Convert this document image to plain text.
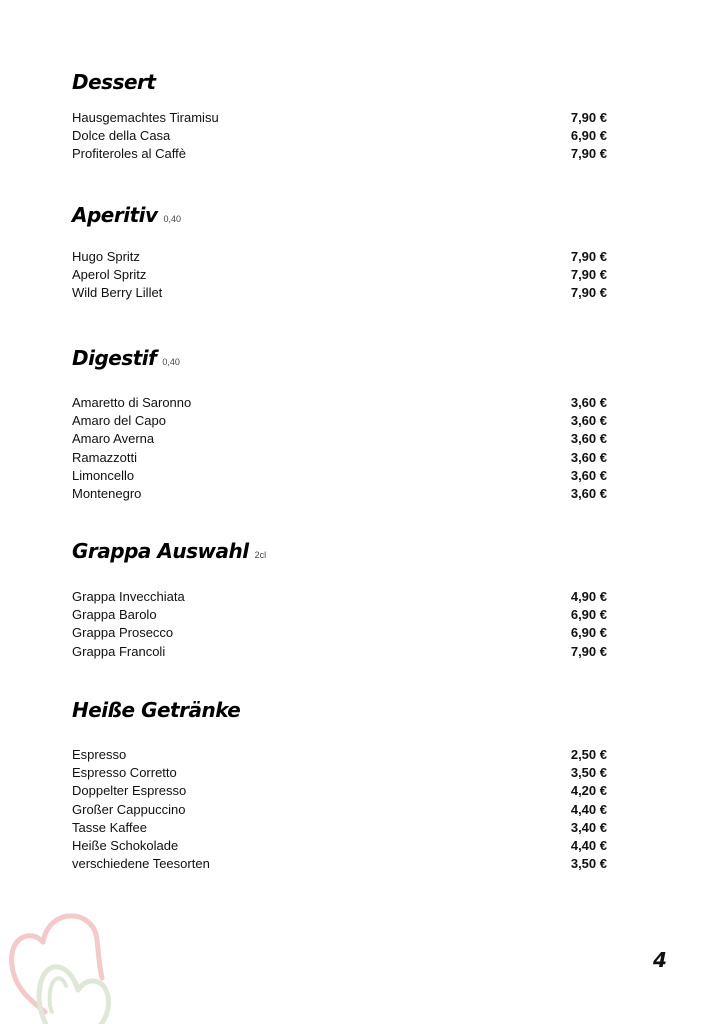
Dessert
Hausgemachtes Tiramisu	7,90 €
Dolce della Casa	6,90 €
Profiteroles al Caffè	7,90 €
Aperitiv 0,40
Hugo Spritz	7,90 €
Aperol Spritz	7,90 €
Wild Berry Lillet	7,90 €
Digestif 0,40
Amaretto di Saronno	3,60 €
Amaro del Capo	3,60 €
Amaro Averna	3,60 €
Ramazzotti	3,60 €
Limoncello	3,60 €
Montenegro	3,60 €
Grappa Auswahl 2cl
Grappa Invecchiata	4,90 €
Grappa Barolo	6,90 €
Grappa Prosecco	6,90 €
Grappa Francoli	7,90 €
Heiße Getränke
Espresso	2,50 €
Espresso Corretto	3,50 €
Doppelter Espresso	4,20 €
Großer Cappuccino	4,40 €
Tasse Kaffee	3,40 €
Heiße Schokolade	4,40 €
verschiedene Teesorten	3,50 €
4
